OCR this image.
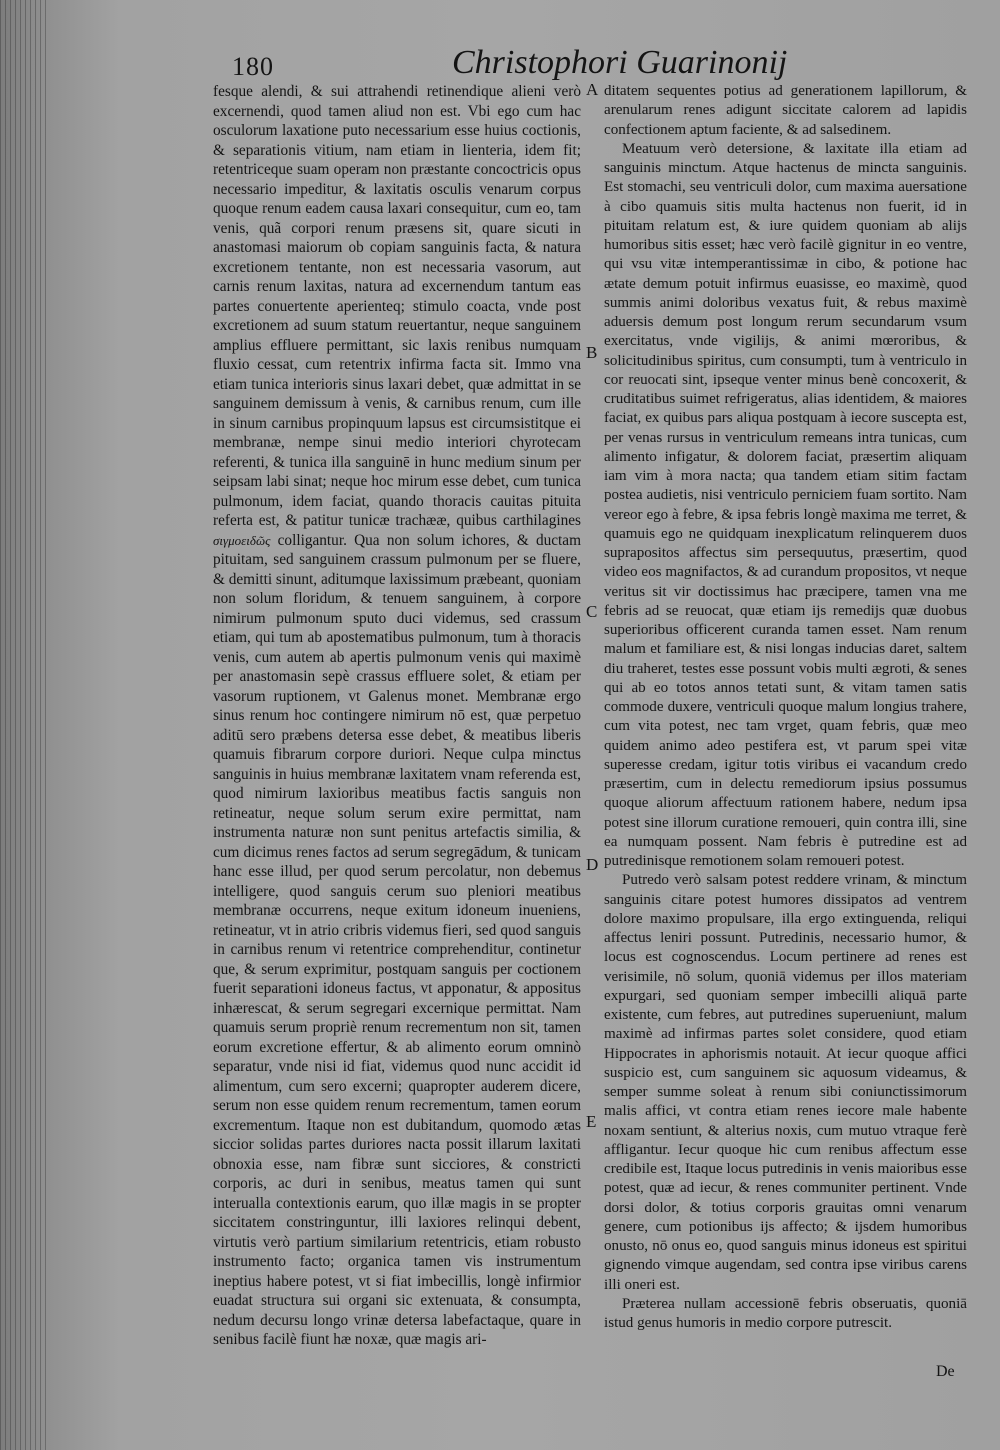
180	Christophori Guarinonij

fesque alendi, & sui attrahendi retinendique alieni verò excernendi, quod tamen aliud non est. Vbi ego cum hac osculorum laxatione puto necessarium esse huius coctionis, & separationis vitium, nam etiam in lienteria, idem fit; retentriceque suam operam non præstante concoctricis opus necessario impeditur, & laxitatis osculis venarum corpus quoque renum eadem causa laxari consequitur, cum eo, tam venis, quã corpori renum præsens sit, quare sicuti in anastomasi maiorum ob copiam sanguinis facta, & natura excretionem tentante, non est necessaria vasorum, aut carnis renum laxitas, natura ad excernendum tantum eas partes conuertente aperienteq; stimulo coacta, vnde post excretionem ad suum statum reuertantur, neque sanguinem amplius effluere permittant, sic laxis renibus numquam fluxio cessat, cum retentrix infirma facta sit. Immo vna etiam tunica interioris sinus laxari debet, quæ admittat in se sanguinem demissum à venis, & carnibus renum, cum ille in sinum carnibus propinquum lapsus est circumsistitque ei membranæ, nempe sinui medio interiori chyrotecam referenti, & tunica illa sanguinē in hunc medium sinum per seipsam labi sinat; neque hoc mirum esse debet, cum tunica pulmonum, idem faciat, quando thoracis cauitas pituita referta est, & patitur tunicæ trachææ, quibus carthilagines σιγμοειδῶς colligantur. Qua non solum ichores, & ductam pituitam, sed sanguinem crassum pulmonum per se fluere, & demitti sinunt, aditumque laxissimum præbeant, quoniam non solum floridum, & tenuem sanguinem, à corpore nimirum pulmonum sputo duci videmus, sed crassum etiam, qui tum ab apostematibus pulmonum, tum à thoracis venis, cum autem ab apertis pulmonum venis qui maximè per anastomasin sepè crassus effluere solet, & etiam per vasorum ruptionem, vt Galenus monet. Membranæ ergo sinus renum hoc contingere nimirum nō est, quæ perpetuo aditū sero præbens detersa esse debet, & meatibus liberis quamuis fibrarum corpore duriori. Neque culpa minctus sanguinis in huius membranæ laxitatem vnam referenda est, quod nimirum laxioribus meatibus factis sanguis non retineatur, neque solum serum exire permittat, nam instrumenta naturæ non sunt penitus artefactis similia, & cum dicimus renes factos ad serum segregādum, & tunicam hanc esse illud, per quod serum percolatur, non debemus intelligere, quod sanguis cerum suo pleniori meatibus membranæ occurrens, neque exitum idoneum inueniens, retineatur, vt in atrio cribris videmus fieri, sed quod sanguis in carnibus renum vi retentrice comprehenditur, continetur que, & serum exprimitur, postquam sanguis per coctionem fuerit separationi idoneus factus, vt apponatur, & appositus inhærescat, & serum segregari excernique permittat. Nam quamuis serum propriè renum recrementum non sit, tamen eorum excretione effertur, & ab alimento eorum omninò separatur, vnde nisi id fiat, videmus quod nunc accidit id alimentum, cum sero excerni; quapropter auderem dicere, serum non esse quidem renum recrementum, tamen eorum excrementum. Itaque non est dubitandum, quomodo ætas siccior solidas partes duriores nacta possit illarum laxitati obnoxia esse, nam fibræ sunt sicciores, & constricti corporis, ac duri in senibus, meatus tamen qui sunt interualla contextionis earum, quo illæ magis in se propter siccitatem constringuntur, illi laxiores relinqui debent, virtutis verò partium similarium retentricis, etiam robusto instrumento facto; organica tamen vis instrumentum ineptius habere potest, vt si fiat imbecillis, longè infirmior euadat structura sui organi sic extenuata, & consumpta, nedum decursu longo vrinæ detersa labefactaque, quare in senibus facilè fiunt hæ noxæ, quæ magis ari-

A
B
C
D
E

ditatem sequentes potius ad generationem lapillorum, & arenularum renes adigunt siccitate calorem ad lapidis confectionem aptum faciente, & ad salsedinem.

Meatuum verò detersione, & laxitate illa etiam ad sanguinis minctum. Atque hactenus de mincta sanguinis. Est stomachi, seu ventriculi dolor, cum maxima auersatione à cibo quamuis sitis multa hactenus non fuerit, id in pituitam relatum est, & iure quidem quoniam ab alijs humoribus sitis esset; hæc verò facilè gignitur in eo ventre, qui vsu vitæ intemperantissimæ in cibo, & potione hac ætate demum potuit infirmus euasisse, eo maximè, quod summis animi doloribus vexatus fuit, & rebus maximè aduersis demum post longum rerum secundarum vsum exercitatus, vnde vigilijs, & animi mœroribus, & solicitudinibus spiritus, cum consumpti, tum à ventriculo in cor reuocati sint, ipseque venter minus benè concoxerit, & cruditatibus suimet refrigeratus, alias identidem, & maiores faciat, ex quibus pars aliqua postquam à iecore suscepta est, per venas rursus in ventriculum remeans intra tunicas, cum alimento infigatur, & dolorem faciat, præsertim aliquam iam vim à mora nacta; qua tandem etiam sitim factam postea audietis, nisi ventriculo perniciem fuam sortito. Nam vereor ego à febre, & ipsa febris longè maxima me terret, & quamuis ego ne quidquam inexplicatum relinquerem duos suprapositos affectus sim persequutus, præsertim, quod video eos magnifactos, & ad curandum propositos, vt neque veritus sit vir doctissimus hac præcipere, tamen vna me febris ad se reuocat, quæ etiam ijs remedijs quæ duobus superioribus officerent curanda tamen esset. Nam renum malum et familiare est, & nisi longas inducias daret, saltem diu traheret, testes esse possunt vobis multi ægroti, & senes qui ab eo totos annos tetati sunt, & vitam tamen satis commode duxere, ventriculi quoque malum longius trahere, cum vita potest, nec tam vrget, quam febris, quæ meo quidem animo adeo pestifera est, vt parum spei vitæ superesse credam, igitur totis viribus ei vacandum credo præsertim, cum in delectu remediorum ipsius possumus quoque aliorum affectuum rationem habere, nedum ipsa potest sine illorum curatione remoueri, quin contra illi, sine ea numquam possent. Nam febris è putredine est ad putredinisque remotionem solam remoueri potest.

Putredo verò salsam potest reddere vrinam, & minctum sanguinis citare potest humores dissipatos ad ventrem dolore maximo propulsare, illa ergo extinguenda, reliqui affectus leniri possunt. Putredinis, necessario humor, & locus est cognoscendus. Locum pertinere ad renes est verisimile, nō solum, quoniā videmus per illos materiam expurgari, sed quoniam semper imbecilli aliquā parte existente, cum febres, aut putredines superueniunt, malum maximè ad infirmas partes solet considere, quod etiam Hippocrates in aphorismis notauit. At iecur quoque affici suspicio est, cum sanguinem sic aquosum videamus, & semper summe soleat à renum sibi coniunctissimorum malis affici, vt contra etiam renes iecore male habente noxam sentiunt, & alterius noxis, cum mutuo vtraque ferè affligantur. Iecur quoque hic cum renibus affectum esse credibile est, Itaque locus putredinis in venis maioribus esse potest, quæ ad iecur, & renes communiter pertinent. Vnde dorsi dolor, & totius corporis grauitas omni venarum genere, cum potionibus ijs affecto; & ijsdem humoribus onusto, nō onus eo, quod sanguis minus idoneus est spiritui gignendo vimque augendam, sed contra ipse viribus carens illi oneri est.

Præterea nullam accessionē febris obseruatis, quoniā istud genus humoris in medio corpore putrescit.

De
